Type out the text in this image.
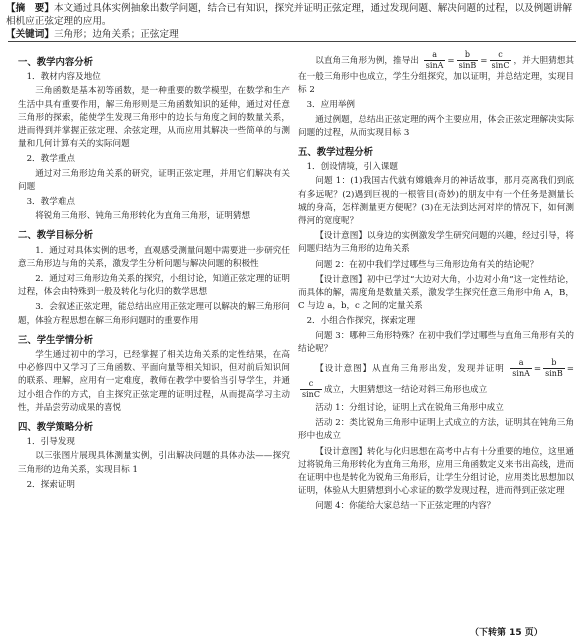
【摘　要】本文通过具体实例抽象出数学问题，结合已有知识，探究并证明正弦定理，通过发现问题、解决问题的过程，以及例题讲解相机应正弦定理的应用。

【关键词】三角形；边角关系；正弦定理

一、教学内容分析
1．教材内容及地位

三角函数是基本初等函数，是一种重要的数学模型，在数学和生产生活中具有重要作用，解三角形则是三角函数知识的延伸，通过对任意三角形的探索，能使学生发现三角形中的边长与角度之间的数量关系，进而得到并掌握正弦定理、余弦定理，从而应用其解决一些简单的与测量和几何计算有关的实际问题

2．教学重点

通过对三角形边角关系的研究，证明正弦定理，并用它们解决有关问题

3．教学难点

将锐角三角形、钝角三角形转化为直角三角形，证明猜想

二、教学目标分析

1．通过对具体实例的思考，直观感受测量问题中需要进一步研究任意三角形边与角的关系，激发学生分析问题与解决问题的积极性

2．通过对三角形边角关系的探究，小组讨论，知道正弦定理的证明过程，体会由特殊到一般及转化与化归的数学思想

3．会叙述正弦定理，能总结出应用正弦定理可以解决的解三角形问题，体验方程思想在解三角形问题时的重要作用

三、学生学情分析

学生通过初中的学习，已经掌握了相关边角关系的定性结果，在高中必修四中又学习了三角函数、平面向量等相关知识，但对前后知识间的联系、理解，应用有一定难度，教师在教学中要恰当引导学生，并通过小组合作的方式，自主探究正弦定理的证明过程，从而提高学习主动性，并品尝劳动成果的喜悦

四、教学策略分析
1．引导发现

以三张图片展现具体测量实例，引出解决问题的具体办法——探究三角形的边角关系，实现目标 1

2．探索证明

以直角三角形为例，推导出 $\frac{a}{\sin A} = \frac{b}{\sin B} = \frac{c}{\sin C}$ ，并大胆猜想其在一般三角形中也成立，学生分组探究，加以证明，并总结定理，实现目标 2

3．应用举例

通过例题，总结出正弦定理的两个主要应用，体会正弦定理解决实际问题的过程，从而实现目标 3

五、教学过程分析
1．创设情境，引入课题

问题 1：(1)我国古代就有嫦娥奔月的神话故事，那月亮离我们到底有多远呢？(2)遇到巨视的一根管目(奇妙)的朋友中有一个任务是测量长城的身高，怎样测量更方便呢？(3)在无法到达河对岸的情况下，如何测得河的宽度呢？

【设计意图】以身边的实例激发学生研究问题的兴趣，经过引导，将问题归结为三角形的边角关系

问题 2：在初中我们学过哪些与三角形边角有关的结论呢？

【设计意图】初中已学过“大边对大角，小边对小角”这一定性结论，而具体的解，需度角是数量关系，激发学生探究任意三角形中角 A，B，C 与边 a，b，c 之间的定量关系

2．小组合作探究，探索定理

问题 3：哪种三角形特殊？在初中我们学过哪些与直角三角形有关的结论呢？

【设计意图】从直角三角形出发，发现并证明 $\frac{a}{\sin A} = \frac{b}{\sin B}$ =
$\frac{c}{\sin C}$ 成立，大胆猜想这一结论对斜三角形也成立

活动 1：分组讨论，证明上式在锐角三角形中成立

活动 2：类比锐角三角形中证明上式成立的方法，证明其在钝角三角形中也成立

【设计意图】转化与化归思想在高考中占有十分重要的地位，这里通过将锐角三角形转化为直角三角形，应用三角函数定义来书出高线，进而在证明中也是转化为锐角三角形后，让学生分组讨论，应用类比思想加以证明，体验从大胆猜想到小心求证的数学发现过程，进而得到正弦定理

问题 4：你能给大家总结一下正弦定理的内容？

（下转第 15 页）
